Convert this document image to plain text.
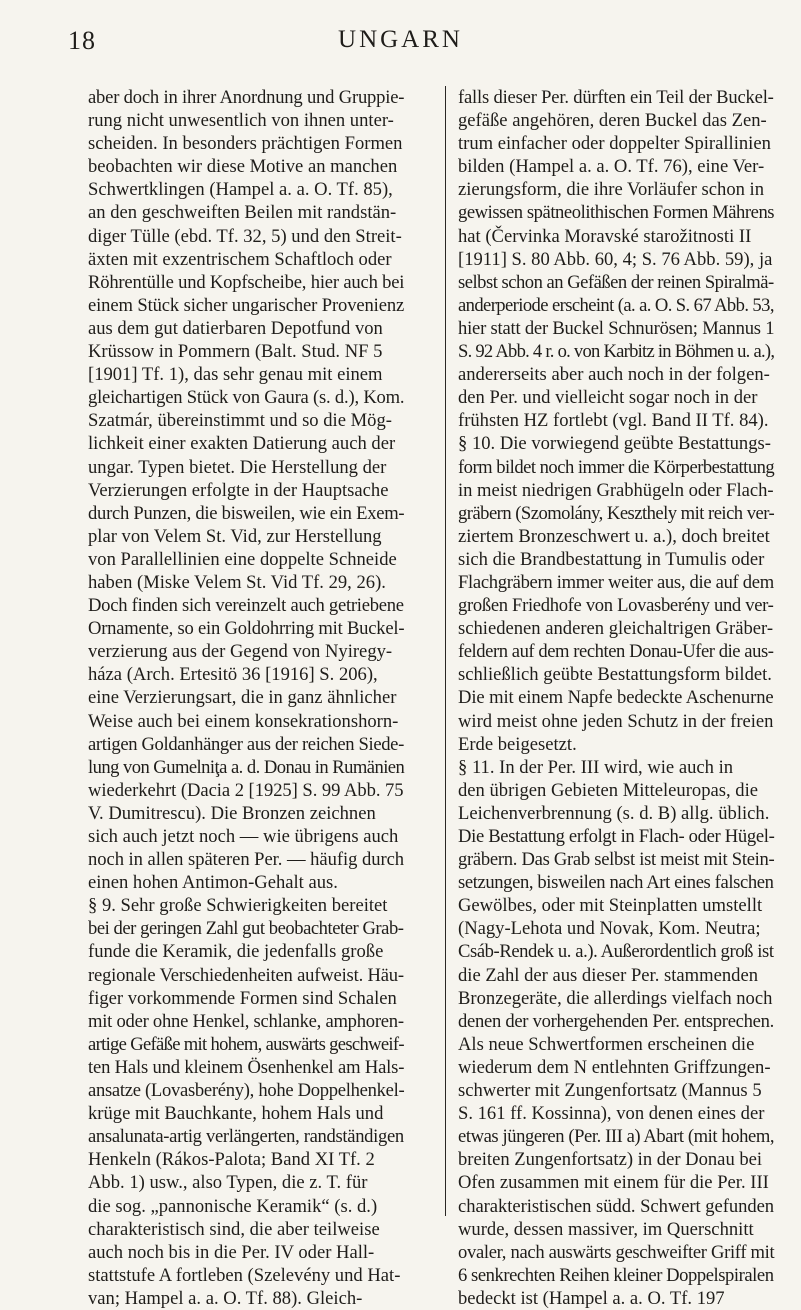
18	UNGARN
aber doch in ihrer Anordnung und Gruppie-
rung nicht unwesentlich von ihnen unter-
scheiden. In besonders prächtigen Formen
beobachten wir diese Motive an manchen
Schwertklingen (Hampel a. a. O. Tf. 85),
an den geschweiften Beilen mit randstän-
diger Tülle (ebd. Tf. 32, 5) und den Streit-
äxten mit exzentrischem Schaftloch oder
Röhrentülle und Kopfscheibe, hier auch bei
einem Stück sicher ungarischer Provenienz
aus dem gut datierbaren Depotfund von
Krüssow in Pommern (Balt. Stud. NF 5
[1901] Tf. 1), das sehr genau mit einem
gleichartigen Stück von Gaura (s. d.), Kom.
Szatmár, übereinstimmt und so die Mög-
lichkeit einer exakten Datierung auch der
ungar. Typen bietet. Die Herstellung der
Verzierungen erfolgte in der Hauptsache
durch Punzen, die bisweilen, wie ein Exem-
plar von Velem St. Vid, zur Herstellung
von Parallellinien eine doppelte Schneide
haben (Miske Velem St. Vid Tf. 29, 26).
Doch finden sich vereinzelt auch getriebene
Ornamente, so ein Goldohrring mit Buckel-
verzierung aus der Gegend von Nyiregy-
háza (Arch. Ertesitö 36 [1916] S. 206),
eine Verzierungsart, die in ganz ähnlicher
Weise auch bei einem konsekrationshorn-
artigen Goldanhänger aus der reichen Siede-
lung von Gumelniţa a. d. Donau in Rumänien
wiederkehrt (Dacia 2 [1925] S. 99 Abb. 75
V. Dumitrescu). Die Bronzen zeichnen
sich auch jetzt noch — wie übrigens auch
noch in allen späteren Per. — häufig durch
einen hohen Antimon-Gehalt aus.
§ 9. Sehr große Schwierigkeiten bereitet
bei der geringen Zahl gut beobachteter Grab-
funde die Keramik, die jedenfalls große
regionale Verschiedenheiten aufweist. Häu-
figer vorkommende Formen sind Schalen
mit oder ohne Henkel, schlanke, amphoren-
artige Gefäße mit hohem, auswärts geschweif-
ten Hals und kleinem Ösenhenkel am Hals-
ansatze (Lovasberény), hohe Doppelhenkel-
krüge mit Bauchkante, hohem Hals und
ansalunata-artig verlängerten, randständigen
Henkeln (Rákos-Palota; Band XI Tf. 2
Abb. 1) usw., also Typen, die z. T. für
die sog. „pannonische Keramik“ (s. d.)
charakteristisch sind, die aber teilweise
auch noch bis in die Per. IV oder Hall-
stattstufe A fortleben (Szelevény und Hat-
van; Hampel a. a. O. Tf. 88). Gleich-
falls dieser Per. dürften ein Teil der Buckel-
gefäße angehören, deren Buckel das Zen-
trum einfacher oder doppelter Spirallinien
bilden (Hampel a. a. O. Tf. 76), eine Ver-
zierungsform, die ihre Vorläufer schon in
gewissen spätneolithischen Formen Mährens
hat (Červinka Moravské starožitnosti II
[1911] S. 80 Abb. 60, 4; S. 76 Abb. 59), ja
selbst schon an Gefäßen der reinen Spiralmä-
anderperiode erscheint (a. a. O. S. 67 Abb. 53,
hier statt der Buckel Schnurösen; Mannus 1
S. 92 Abb. 4 r. o. von Karbitz in Böhmen u. a.),
andererseits aber auch noch in der folgen-
den Per. und vielleicht sogar noch in der
frühsten HZ fortlebt (vgl. Band II Tf. 84).
§ 10. Die vorwiegend geübte Bestattungs-
form bildet noch immer die Körperbestattung
in meist niedrigen Grabhügeln oder Flach-
gräbern (Szomolány, Keszthely mit reich ver-
ziertem Bronzeschwert u. a.), doch breitet
sich die Brandbestattung in Tumulis oder
Flachgräbern immer weiter aus, die auf dem
großen Friedhofe von Lovasberény und ver-
schiedenen anderen gleichaltrigen Gräber-
feldern auf dem rechten Donau-Ufer die aus-
schließlich geübte Bestattungsform bildet.
Die mit einem Napfe bedeckte Aschenurne
wird meist ohne jeden Schutz in der freien
Erde beigesetzt.
§ 11. In der Per. III wird, wie auch in
den übrigen Gebieten Mitteleuropas, die
Leichenverbrennung (s. d. B) allg. üblich.
Die Bestattung erfolgt in Flach- oder Hügel-
gräbern. Das Grab selbst ist meist mit Stein-
setzungen, bisweilen nach Art eines falschen
Gewölbes, oder mit Steinplatten umstellt
(Nagy-Lehota und Novak, Kom. Neutra;
Csáb-Rendek u. a.). Außerordentlich groß ist
die Zahl der aus dieser Per. stammenden
Bronzegeräte, die allerdings vielfach noch
denen der vorhergehenden Per. entsprechen.
Als neue Schwertformen erscheinen die
wiederum dem N entlehnten Griffzungen-
schwerter mit Zungenfortsatz (Mannus 5
S. 161 ff. Kossinna), von denen eines der
etwas jüngeren (Per. III a) Abart (mit hohem,
breiten Zungenfortsatz) in der Donau bei
Ofen zusammen mit einem für die Per. III
charakteristischen südd. Schwert gefunden
wurde, dessen massiver, im Querschnitt
ovaler, nach auswärts geschweifter Griff mit
6 senkrechten Reihen kleiner Doppelspiralen
bedeckt ist (Hampel a. a. O. Tf. 197
